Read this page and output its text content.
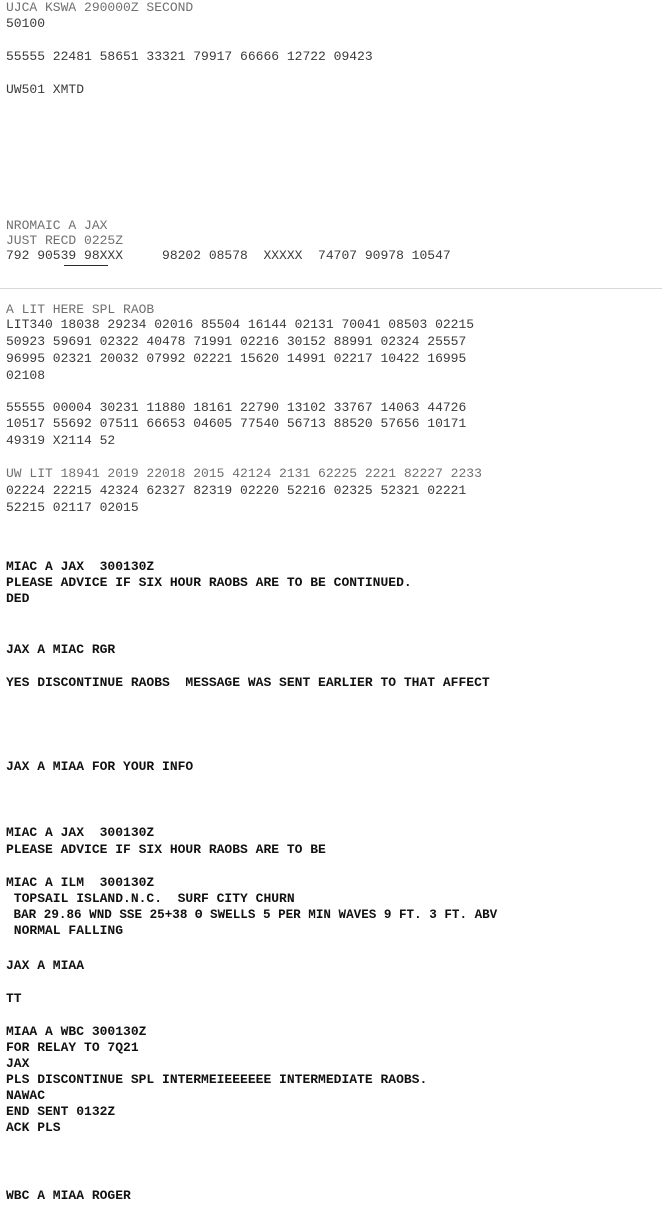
UJCA KSWA 290000Z SECOND

50100

55555 22481 58651 33321 79917 66666 12722 09423

UW501 XMTD

NROMAIC A JAX

JUST RECD 0225Z

792 90539 98XXX     98202 08578  XXXXX  74707 90978 10547

A LIT HERE SPL RAOB

LIT340 18038 29234 02016 85504 16144 02131 70041 08503 02215

50923 59691 02322 40478 71991 02216 30152 88991 02324 25557

96995 02321 20032 07992 02221 15620 14991 02217 10422 16995

02108

55555 00004 30231 11880 18161 22790 13102 33767 14063 44726

10517 55692 07511 66653 04605 77540 56713 88520 57656 10171

49319 X2114 52

UW LIT 18941 2019 22018 2015 42124 2131 62225 2221 82227 2233

02224 22215 42324 62327 82319 02220 52216 02325 52321 02221

52215 02117 02015

MIAC A JAX  300130Z

PLEASE ADVICE IF SIX HOUR RAOBS ARE TO BE CONTINUED.

DED

JAX A MIAC RGR

YES DISCONTINUE RAOBS  MESSAGE WAS SENT EARLIER TO THAT AFFECT

JAX A MIAA FOR YOUR INFO

MIAC A JAX  300130Z

PLEASE ADVICE IF SIX HOUR RAOBS ARE TO BE

MIAC A ILM  300130Z

TOPSAIL ISLAND.N.C.  SURF CITY CHURN

BAR 29.86 WND SSE 25+38 Θ SWELLS 5 PER MIN WAVES 9 FT. 3 FT. ABV

NORMAL FALLING

JAX A MIAA

TT

MIAA A WBC 300130Z

FOR RELAY TO 7Q21

JAX

PLS DISCONTINUE SPL INTERMEIEEEEEE INTERMEDIATE RAOBS.

NAWAC

END SENT 0132Z

ACK PLS

WBC A MIAA ROGER
